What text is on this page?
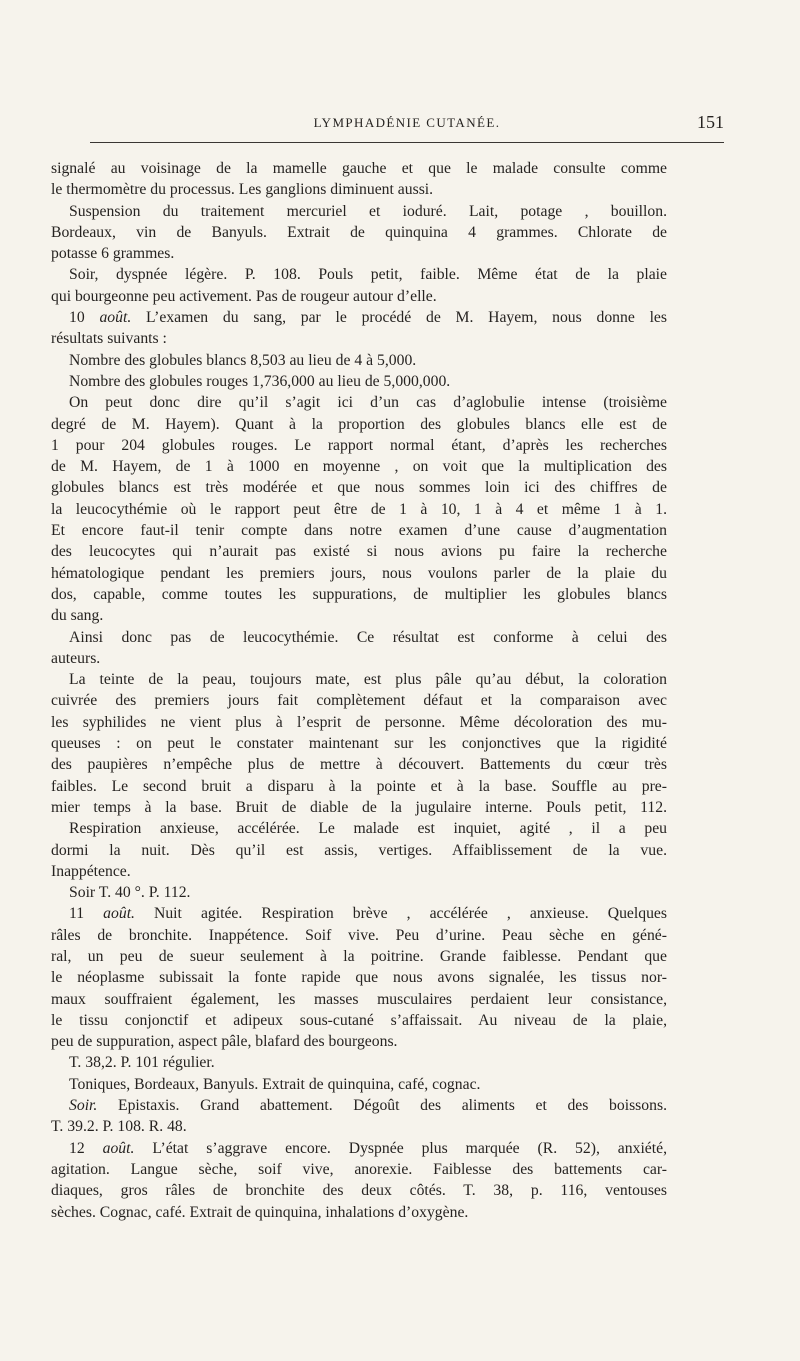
LYMPHADÉNIE CUTANÉE.	151
signalé au voisinage de la mamelle gauche et que le malade consulte comme
le thermomètre du processus. Les ganglions diminuent aussi.
Suspension du traitement mercuriel et ioduré. Lait, potage , bouillon.
Bordeaux, vin de Banyuls. Extrait de quinquina 4 grammes. Chlorate de
potasse 6 grammes.
Soir, dyspnée légère. P. 108. Pouls petit, faible. Même état de la plaie
qui bourgeonne peu activement. Pas de rougeur autour d’elle.
10 août. L’examen du sang, par le procédé de M. Hayem, nous donne les
résultats suivants :
Nombre des globules blancs 8,503 au lieu de 4 à 5,000.
Nombre des globules rouges 1,736,000 au lieu de 5,000,000.
On peut donc dire qu’il s’agit ici d’un cas d’aglobulie intense (troisième
degré de M. Hayem). Quant à la proportion des globules blancs elle est de
1 pour 204 globules rouges. Le rapport normal étant, d’après les recherches
de M. Hayem, de 1 à 1000 en moyenne , on voit que la multiplication des
globules blancs est très modérée et que nous sommes loin ici des chiffres de
la leucocythémie où le rapport peut être de 1 à 10, 1 à 4 et même 1 à 1.
Et encore faut-il tenir compte dans notre examen d’une cause d’augmentation
des leucocytes qui n’aurait pas existé si nous avions pu faire la recherche
hématologique pendant les premiers jours, nous voulons parler de la plaie du
dos, capable, comme toutes les suppurations, de multiplier les globules blancs
du sang.
Ainsi donc pas de leucocythémie. Ce résultat est conforme à celui des
auteurs.
La teinte de la peau, toujours mate, est plus pâle qu’au début, la coloration
cuivrée des premiers jours fait complètement défaut et la comparaison avec
les syphilides ne vient plus à l’esprit de personne. Même décoloration des mu-
queuses : on peut le constater maintenant sur les conjonctives que la rigidité
des paupières n’empêche plus de mettre à découvert. Battements du cœur très
faibles. Le second bruit a disparu à la pointe et à la base. Souffle au pre-
mier temps à la base. Bruit de diable de la jugulaire interne. Pouls petit, 112.
Respiration anxieuse, accélérée. Le malade est inquiet, agité , il a peu
dormi la nuit. Dès qu’il est assis, vertiges. Affaiblissement de la vue.
Inappétence.
Soir T. 40 °. P. 112.
11 août. Nuit agitée. Respiration brève , accélérée , anxieuse. Quelques
râles de bronchite. Inappétence. Soif vive. Peu d’urine. Peau sèche en géné-
ral, un peu de sueur seulement à la poitrine. Grande faiblesse. Pendant que
le néoplasme subissait la fonte rapide que nous avons signalée, les tissus nor-
maux souffraient également, les masses musculaires perdaient leur consistance,
le tissu conjonctif et adipeux sous-cutané s’affaissait. Au niveau de la plaie,
peu de suppuration, aspect pâle, blafard des bourgeons.
T. 38,2. P. 101 régulier.
Toniques, Bordeaux, Banyuls. Extrait de quinquina, café, cognac.
Soir. Epistaxis. Grand abattement. Dégoût des aliments et des boissons.
T. 39.2. P. 108. R. 48.
12 août. L’état s’aggrave encore. Dyspnée plus marquée (R. 52), anxiété,
agitation. Langue sèche, soif vive, anorexie. Faiblesse des battements car-
diaques, gros râles de bronchite des deux côtés. T. 38, p. 116, ventouses
sèches. Cognac, café. Extrait de quinquina, inhalations d’oxygène.
